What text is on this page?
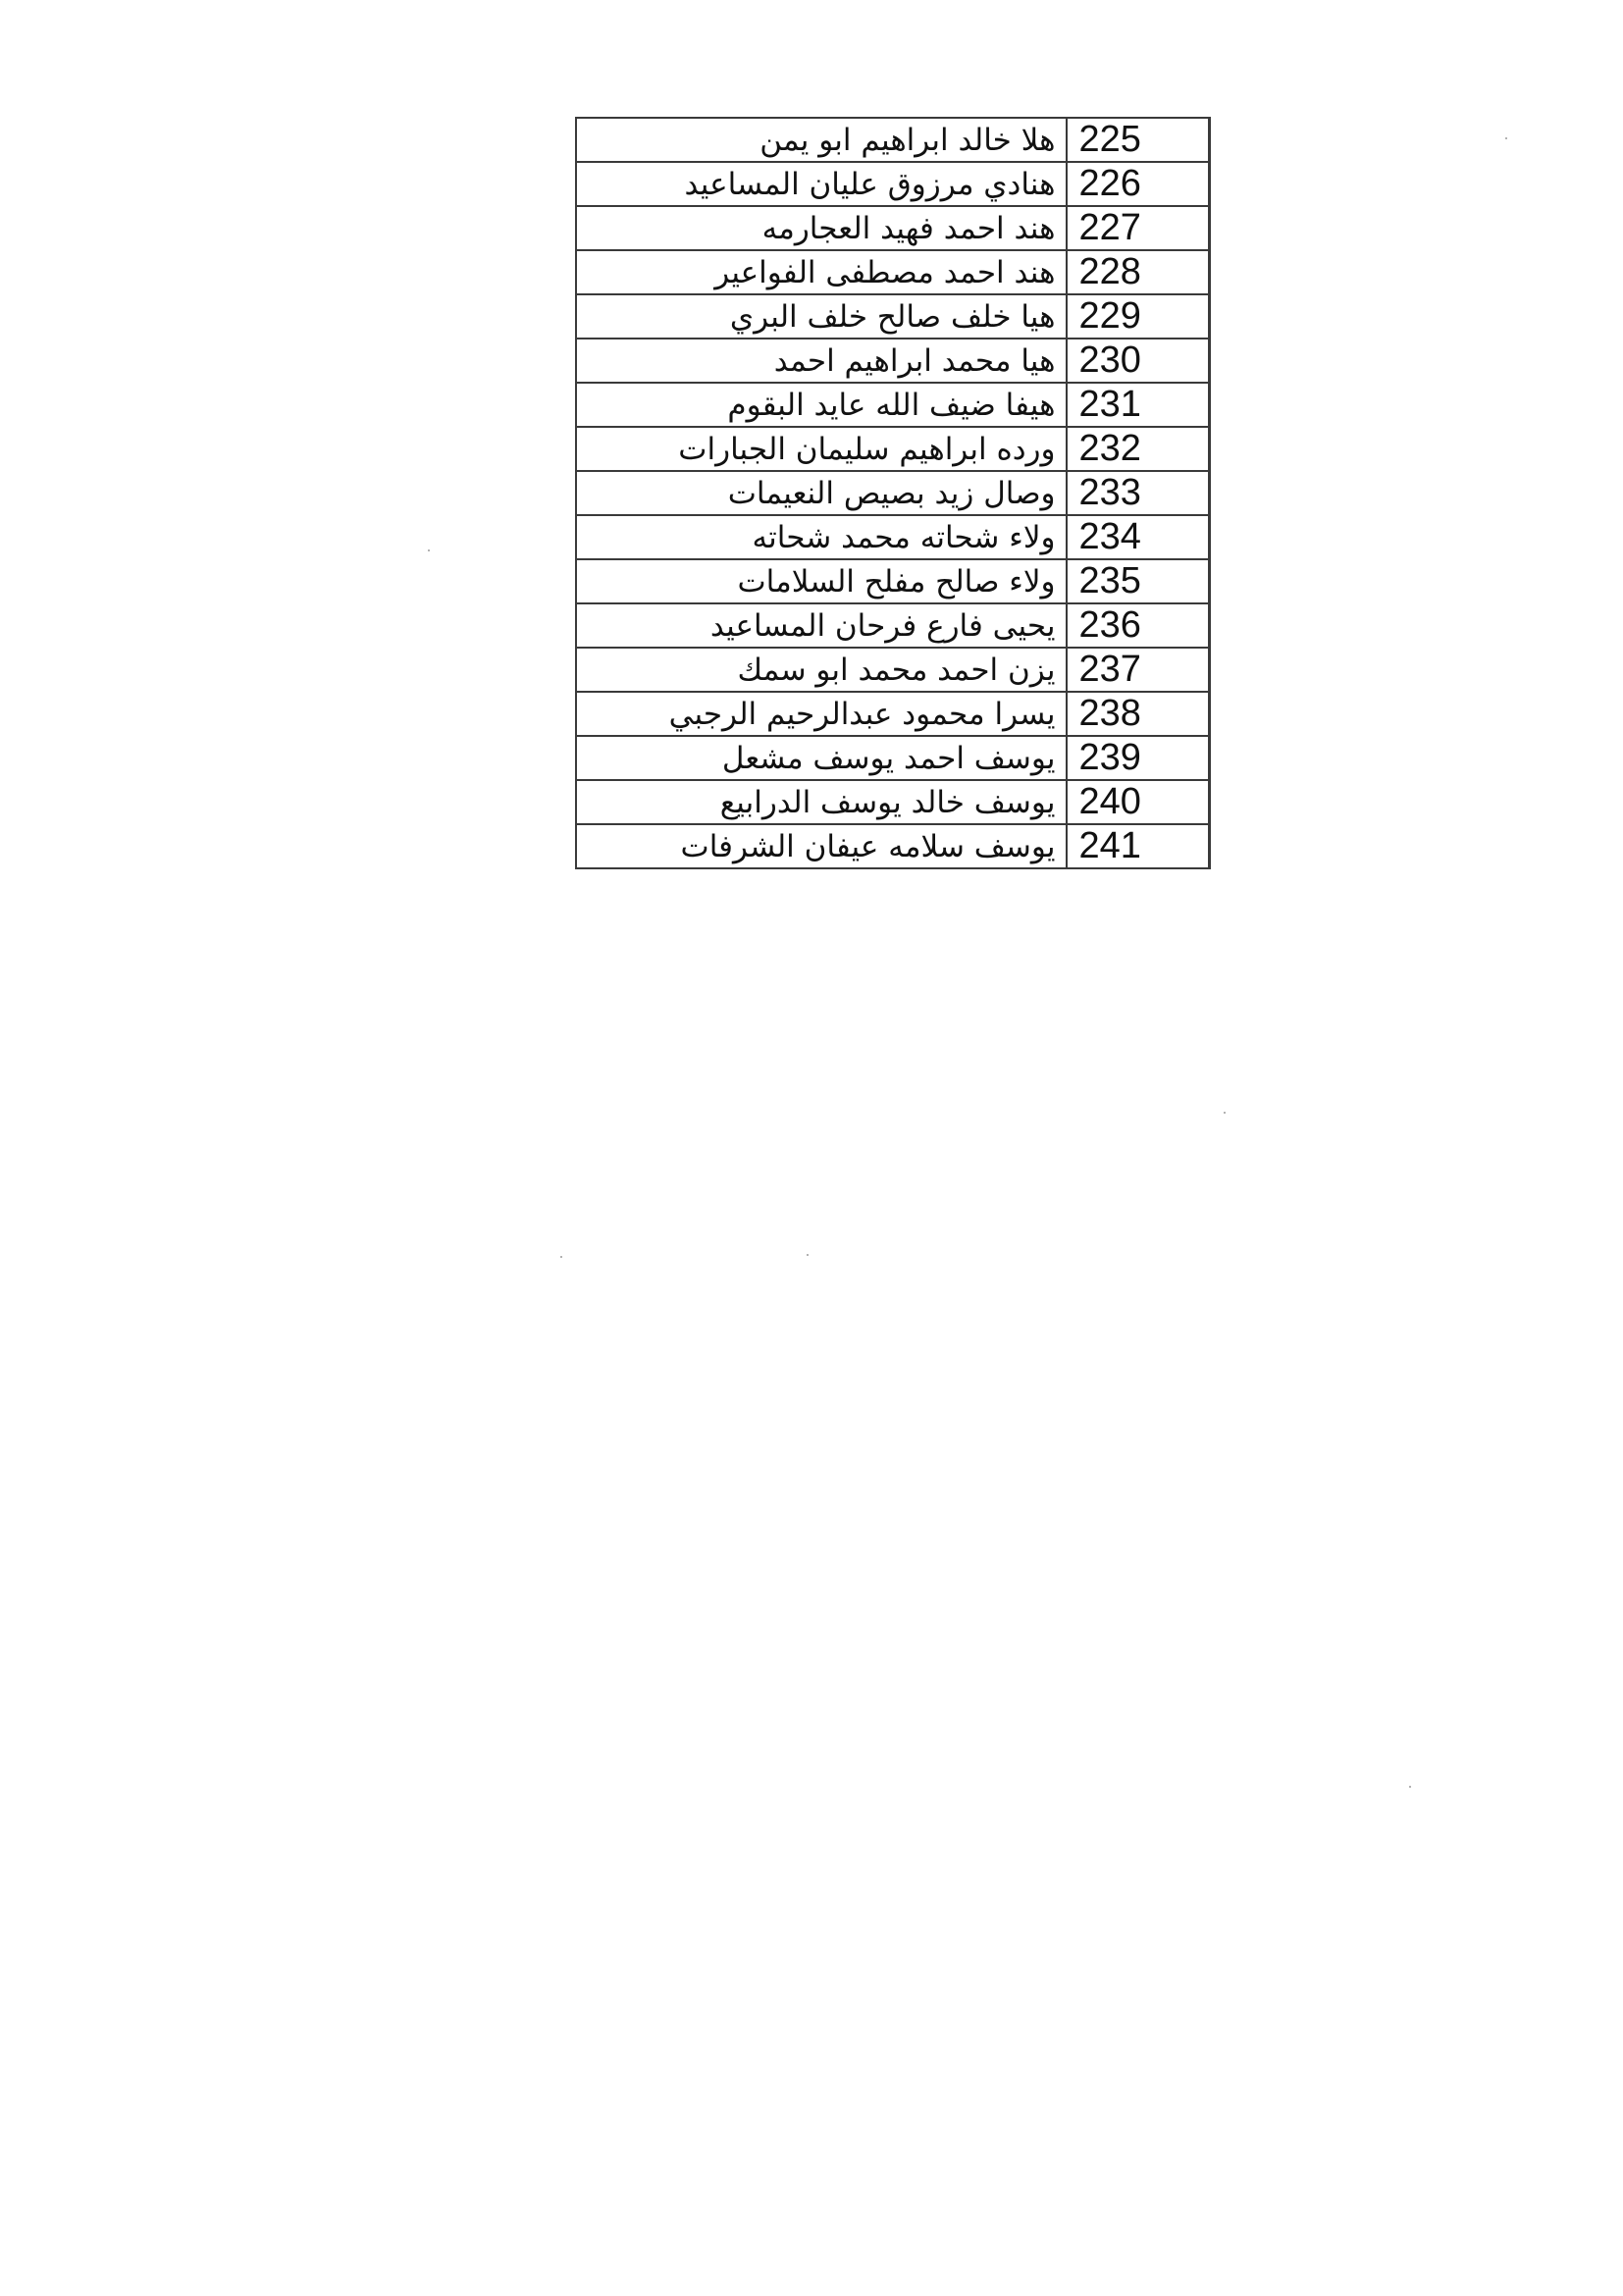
225	هلا خالد ابراهيم ابو يمن
226	هنادي مرزوق عليان المساعيد
227	هند احمد فهيد العجارمه
228	هند احمد مصطفى الفواعير
229	هيا خلف صالح خلف البري
230	هيا محمد ابراهيم احمد
231	هيفا ضيف الله عايد البقوم
232	ورده ابراهيم سليمان الجبارات
233	وصال زيد بصيص النعيمات
234	ولاء شحاته محمد شحاته
235	ولاء صالح مفلح السلامات
236	يحيى فارع فرحان المساعيد
237	يزن احمد محمد ابو سمك
238	يسرا محمود عبدالرحيم الرجبي
239	يوسف احمد يوسف مشعل
240	يوسف خالد يوسف الدرابيع
241	يوسف سلامه عيفان الشرفات
